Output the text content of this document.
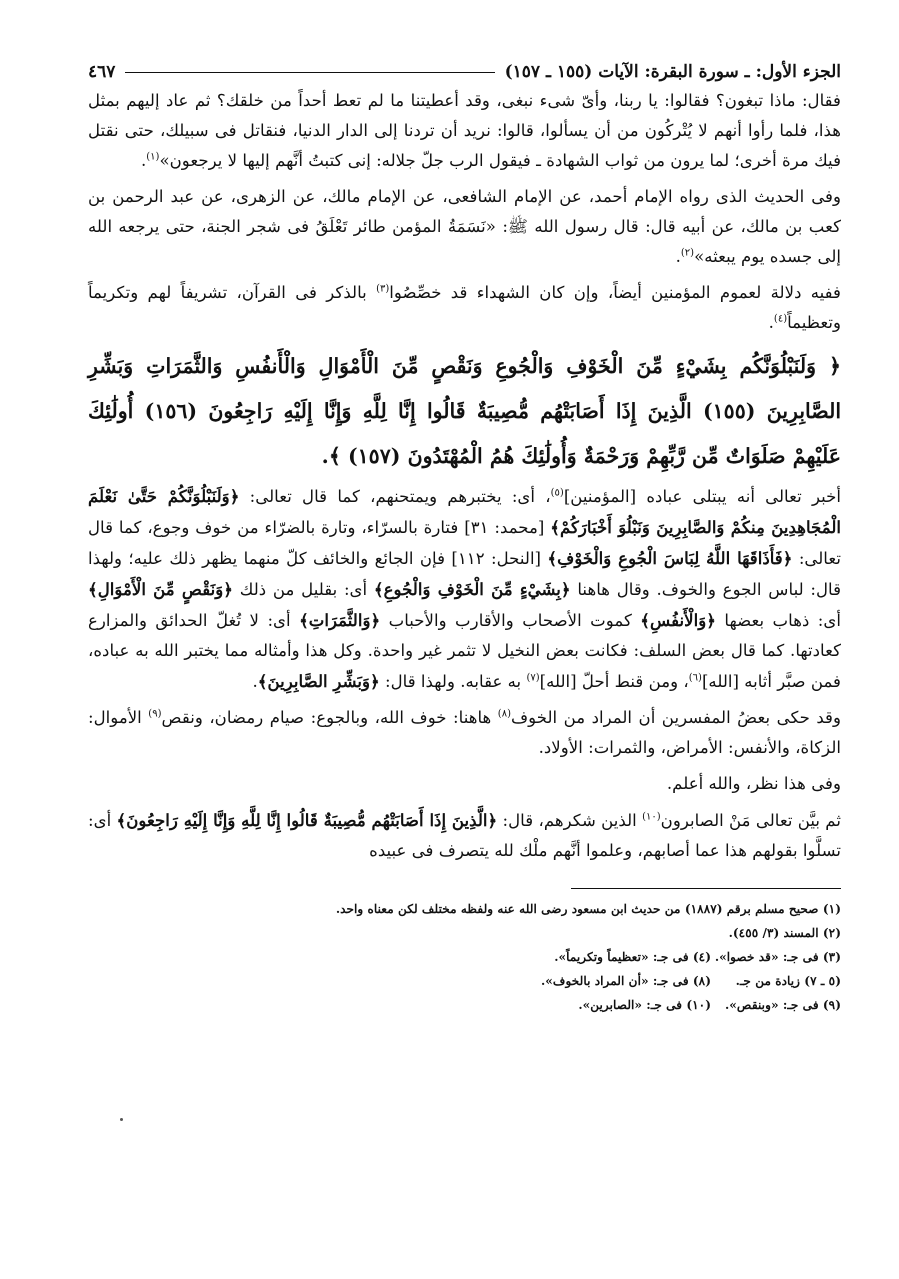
الجزء الأول: ـ سورة البقرة: الآيات (١٥٥ ـ ١٥٧)
٤٦٧

فقال: ماذا تبغون؟ فقالوا: يا ربنا، وأىّ شىء نبغى، وقد أعطيتنا ما لم تعط أحداً من خلقك؟ ثم عاد إليهم بمثل هذا، فلما رأوا أنهم لا يُتْركُون من أن يسألوا، قالوا: نريد أن تردنا إلى الدار الدنيا، فنقاتل فى سبيلك، حتى نقتل فيك مرة أخرى؛ لما يرون من ثواب الشهادة ـ فيقول الرب جلّ جلاله: إنى كتبتُ أنَّهم إليها لا يرجعون»$^{(١)}$.

وفى الحديث الذى رواه الإمام أحمد، عن الإمام الشافعى، عن الإمام مالك، عن الزهرى، عن عبد الرحمن بن كعب بن مالك، عن أبيه قال: قال رسول الله ﷺ: «نَسَمَةُ المؤمن طائر تَعْلَقُ فى شجر الجنة، حتى يرجعه الله إلى جسده يوم يبعثه»$^{(٢)}$.

ففيه دلالة لعموم المؤمنين أيضاً، وإن كان الشهداء قد خصِّصُوا$^{(٣)}$ بالذكر فى القرآن، تشريفاً لهم وتكريماً وتعظيماً$^{(٤)}$.

﴿ وَلَنَبْلُوَنَّكُم بِشَيْءٍ مِّنَ الْخَوْفِ وَالْجُوعِ وَنَقْصٍ مِّنَ الْأَمْوَالِ وَالْأَنفُسِ وَالثَّمَرَاتِ وَبَشِّرِ الصَّابِرِينَ (١٥٥) الَّذِينَ إِذَا أَصَابَتْهُم مُّصِيبَةٌ قَالُوا إِنَّا لِلَّهِ وَإِنَّا إِلَيْهِ رَاجِعُونَ (١٥٦) أُولَٰئِكَ عَلَيْهِمْ صَلَوَاتٌ مِّن رَّبِّهِمْ وَرَحْمَةٌ وَأُولَٰئِكَ هُمُ الْمُهْتَدُونَ (١٥٧) ﴾.

أخبر تعالى أنه يبتلى عباده [المؤمنين]$^{(٥)}$، أى: يختبرهم ويمتحنهم، كما قال تعالى: ﴿وَلَنَبْلُوَنَّكُمْ حَتَّىٰ نَعْلَمَ الْمُجَاهِدِينَ مِنكُمْ وَالصَّابِرِينَ وَنَبْلُوَ أَخْبَارَكُمْ﴾ [محمد: ٣١] فتارة بالسرّاء، وتارة بالضرّاء من خوف وجوع، كما قال تعالى: ﴿فَأَذَاقَهَا اللَّهُ لِبَاسَ الْجُوعِ وَالْخَوْفِ﴾ [النحل: ١١٢] فإن الجائع والخائف كلّ منهما يظهر ذلك عليه؛ ولهذا قال: لباس الجوع والخوف. وقال هاهنا ﴿بِشَيْءٍ مِّنَ الْخَوْفِ وَالْجُوعِ﴾ أى: بقليل من ذلك ﴿وَنَقْصٍ مِّنَ الْأَمْوَالِ﴾ أى: ذهاب بعضها ﴿وَالْأَنفُسِ﴾ كموت الأصحاب والأقارب والأحباب ﴿وَالثَّمَرَاتِ﴾ أى: لا تُغلّ الحدائق والمزارع كعادتها. كما قال بعض السلف: فكانت بعض النخيل لا تثمر غير واحدة. وكل هذا وأمثاله مما يختبر الله به عباده، فمن صبَّر أثابه [الله]$^{(٦)}$، ومن قنط أحلّ [الله]$^{(٧)}$ به عقابه. ولهذا قال: ﴿وَبَشِّرِ الصَّابِرِينَ﴾.

وقد حكى بعضُ المفسرين أن المراد من الخوف$^{(٨)}$ هاهنا: خوف الله، وبالجوع: صيام رمضان، ونقص$^{(٩)}$ الأموال: الزكاة، والأنفس: الأمراض، والثمرات: الأولاد.

وفى هذا نظر، والله أعلم.

ثم بيَّن تعالى مَنْ الصابرون$^{(١٠)}$ الذين شكرهم، قال: ﴿الَّذِينَ إِذَا أَصَابَتْهُم مُّصِيبَةٌ قَالُوا إِنَّا لِلَّهِ وَإِنَّا إِلَيْهِ رَاجِعُونَ﴾ أى: تسلَّوا بقولهم هذا عما أصابهم، وعلموا أنَّهم ملْك لله يتصرف فى عبيده

(١) صحيح مسلم برقم (١٨٨٧) من حديث ابن مسعود رضى الله عنه ولفظه مختلف لكن معناه واحد.

(٢) المسند (٣/ ٤٥٥).

(٣) فى جـ: «قد خصوا».
(٤) فى جـ: «تعظيماً وتكريماً».
(٥ ـ ٧) زيادة من جـ.
(٨) فى جـ: «أن المراد بالخوف».
(٩) فى جـ: «وبنقص».
(١٠) فى جـ: «الصابرين».
